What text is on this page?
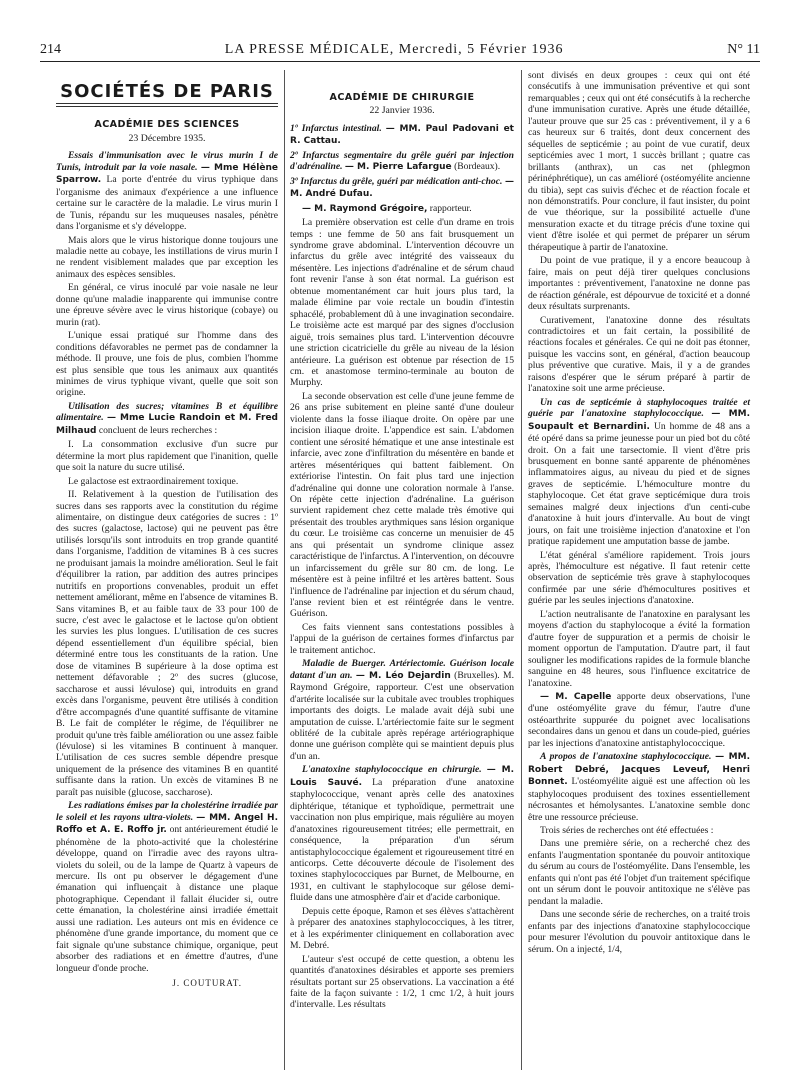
214	LA PRESSE MÉDICALE, Mercredi, 5 Février 1936	N° 11
SOCIÉTÉS DE PARIS
ACADÉMIE DES SCIENCES
23 Décembre 1935.

Essais d'immunisation avec le virus murin I de Tunis, introduit par la voie nasale. — Mme Hélène Sparrow. La porte d'entrée du virus typhique dans l'organisme des animaux d'expérience a une influence certaine sur le caractère de la maladie. Le virus murin I de Tunis, répandu sur les muqueuses nasales, pénètre dans l'organisme et s'y développe.

Mais alors que le virus historique donne toujours une maladie nette au cobaye, les instillations de virus murin I ne rendent visiblement malades que par exception les animaux des espèces sensibles.

En général, ce virus inoculé par voie nasale ne leur donne qu'une maladie inapparente qui immunise contre une épreuve sévère avec le virus historique (cobaye) ou murin (rat).

L'unique essai pratiqué sur l'homme dans des conditions défavorables ne permet pas de condamner la méthode. Il prouve, une fois de plus, combien l'homme est plus sensible que tous les animaux aux quantités minimes de virus typhique vivant, quelle que soit son origine.

Utilisation des sucres; vitamines B et équilibre alimentaire. — Mme Lucie Randoin et M. Fred Milhaud concluent de leurs recherches :

I. La consommation exclusive d'un sucre pur détermine la mort plus rapidement que l'inanition, quelle que soit la nature du sucre utilisé.

Le galactose est extraordinairement toxique.

II. Relativement à la question de l'utilisation des sucres dans ses rapports avec la constitution du régime alimentaire, on distingue deux catégories de sucres : 1º des sucres (galactose, lactose) qui ne peuvent pas être utilisés lorsqu'ils sont introduits en trop grande quantité dans l'organisme, l'addition de vitamines B à ces sucres ne produisant jamais la moindre amélioration. Seul le fait d'équilibrer la ration, par addition des autres principes nutritifs en proportions convenables, produit un effet nettement améliorant, même en l'absence de vitamines B. Sans vitamines B, et au faible taux de 33 pour 100 de sucre, c'est avec le galactose et le lactose qu'on obtient les survies les plus longues. L'utilisation de ces sucres dépend essentiellement d'un équilibre spécial, bien déterminé entre tous les constituants de la ration. Une dose de vitamines B supérieure à la dose optima est nettement défavorable ; 2º des sucres (glucose, saccharose et aussi lévulose) qui, introduits en grand excès dans l'organisme, peuvent être utilisés à condition d'être accompagnés d'une quantité suffisante de vitamine B. Le fait de compléter le régime, de l'équilibrer ne produit qu'une très faible amélioration ou une assez faible (lévulose) si les vitamines B continuent à manquer. L'utilisation de ces sucres semble dépendre presque uniquement de la présence des vitamines B en quantité suffisante dans la ration. Un excès de vitamines B ne paraît pas nuisible (glucose, saccharose).

Les radiations émises par la cholestérine irradiée par le soleil et les rayons ultra-violets. — MM. Angel H. Roffo et A. E. Roffo jr. ont antérieurement étudié le phénomène de la photo-activité que la cholestérine développe, quand on l'irradie avec des rayons ultra-violets du soleil, ou de la lampe de Quartz à vapeurs de mercure. Ils ont pu observer le dégagement d'une émanation qui influençait à distance une plaque photographique. Cependant il fallait élucider si, outre cette émanation, la cholestérine ainsi irradiée émettait aussi une radiation. Les auteurs ont mis en évidence ce phénomène d'une grande importance, du moment que ce fait signale qu'une substance chimique, organique, peut absorber des radiations et en émettre d'autres, d'une longueur d'onde proche.

J. COUTURAT.
ACADÉMIE DE CHIRURGIE
22 Janvier 1936.

1º Infarctus intestinal. — MM. Paul Padovani et R. Cattau.

2º Infarctus segmentaire du grêle guéri par injection d'adrénaline. — M. Pierre Lafargue (Bordeaux).

3º Infarctus du grêle, guéri par médication anti-choc. — M. André Dufau.

— M. Raymond Grégoire, rapporteur.

La première observation est celle d'un drame en trois temps : une femme de 50 ans fait brusquement un syndrome grave abdominal. L'intervention découvre un infarctus du grêle avec intégrité des vaisseaux du mésentère. Les injections d'adrénaline et de sérum chaud font revenir l'anse à son état normal. La guérison est obtenue momentanément car huit jours plus tard, la malade élimine par voie rectale un boudin d'intestin sphacélé, probablement dû à une invagination secondaire. Le troisième acte est marqué par des signes d'occlusion aiguë, trois semaines plus tard. L'intervention découvre une striction cicatricielle du grêle au niveau de la lésion antérieure. La guérison est obtenue par résection de 15 cm. et anastomose termino-terminale au bouton de Murphy.

La seconde observation est celle d'une jeune femme de 26 ans prise subitement en pleine santé d'une douleur violente dans la fosse iliaque droite. On opère par une incision iliaque droite. L'appendice est sain. L'abdomen contient une sérosité hématique et une anse intestinale est infarcie, avec zone d'infiltration du mésentère en bande et artères mésentériques qui battent faiblement. On extériorise l'intestin. On fait plus tard une injection d'adrénaline qui donne une coloration normale à l'anse. On répète cette injection d'adrénaline. La guérison survient rapidement chez cette malade très émotive qui présentait des troubles arythmiques sans lésion organique du cœur. Le troisième cas concerne un menuisier de 45 ans qui présentait un syndrome clinique assez caractéristique de l'infarctus. A l'intervention, on découvre un infarcissement du grêle sur 80 cm. de long. Le mésentère est à peine infiltré et les artères battent. Sous l'influence de l'adrénaline par injection et du sérum chaud, l'anse revient bien et est réintégrée dans le ventre. Guérison.

Ces faits viennent sans contestations possibles à l'appui de la guérison de certaines formes d'infarctus par le traitement antichoc.

Maladie de Buerger. Artériectomie. Guérison locale datant d'un an. — M. Léo Dejardin (Bruxelles). M. Raymond Grégoire, rapporteur. C'est une observation d'artérite localisée sur la cubitale avec troubles trophiques importants des doigts. Le malade avait déjà subi une amputation de cuisse. L'artériectomie faite sur le segment oblitéré de la cubitale après repérage artériographique donne une guérison complète qui se maintient depuis plus d'un an.

L'anatoxine staphylococcique en chirurgie. — M. Louis Sauvé. La préparation d'une anatoxine staphylococcique, venant après celle des anatoxines diphtérique, tétanique et typhoïdique, permettrait une vaccination non plus empirique, mais régulière au moyen d'anatoxines rigoureusement titrées; elle permettrait, en conséquence, la préparation d'un sérum antistaphylococcique également et rigoureusement titré en anticorps. Cette découverte découle de l'isolement des toxines staphylococciques par Burnet, de Melbourne, en 1931, en cultivant le staphylocoque sur gélose demi-fluide dans une atmosphère d'air et d'acide carbonique.

Depuis cette époque, Ramon et ses élèves s'attachèrent à préparer des anatoxines staphylococciques, à les titrer, et à les expérimenter cliniquement en collaboration avec M. Debré.

L'auteur s'est occupé de cette question, a obtenu les quantités d'anatoxines désirables et apporte ses premiers résultats portant sur 25 observations. La vaccination a été faite de la façon suivante : 1/2, 1 cmc 1/2, à huit jours d'intervalle. Les résultats

sont divisés en deux groupes : ceux qui ont été consécutifs à une immunisation préventive et qui sont remarquables ; ceux qui ont été consécutifs à la recherche d'une immunisation curative. Après une étude détaillée, l'auteur prouve que sur 25 cas : préventivement, il y a 6 cas heureux sur 6 traités, dont deux concernent des séquelles de septicémie ; au point de vue curatif, deux septicémies avec 1 mort, 1 succès brillant ; quatre cas brillants (anthrax), un cas net (phlegmon périnéphrétique), un cas amélioré (ostéomyélite ancienne du tibia), sept cas suivis d'échec et de réaction focale et non démonstratifs. Pour conclure, il faut insister, du point de vue théorique, sur la possibilité actuelle d'une mensuration exacte et du titrage précis d'une toxine qui vient d'être isolée et qui permet de préparer un sérum thérapeutique à partir de l'anatoxine.

Du point de vue pratique, il y a encore beaucoup à faire, mais on peut déjà tirer quelques conclusions importantes : préventivement, l'anatoxine ne donne pas de réaction générale, est dépourvue de toxicité et a donné deux résultats surprenants.

Curativement, l'anatoxine donne des résultats contradictoires et un fait certain, la possibilité de réactions focales et générales. Ce qui ne doit pas étonner, puisque les vaccins sont, en général, d'action beaucoup plus préventive que curative. Mais, il y a de grandes raisons d'espérer que le sérum préparé à partir de l'anatoxine soit une arme précieuse.

Un cas de septicémie à staphylocoques traitée et guérie par l'anatoxine staphylococcique. — MM. Soupault et Bernardini. Un homme de 48 ans a été opéré dans sa prime jeunesse pour un pied bot du côté droit. On a fait une tarsectomie. Il vient d'être pris brusquement en bonne santé apparente de phénomènes inflammatoires aigus, au niveau du pied et de signes graves de septicémie. L'hémoculture montre du staphylocoque. Cet état grave septicémique dura trois semaines malgré deux injections d'un centi-cube d'anatoxine à huit jours d'intervalle. Au bout de vingt jours, on fait une troisième injection d'anatoxine et l'on pratique rapidement une amputation basse de jambe.

L'état général s'améliore rapidement. Trois jours après, l'hémoculture est négative. Il faut retenir cette observation de septicémie très grave à staphylocoques confirmée par une série d'hémocultures positives et guérie par les seules injections d'anatoxine.

L'action neutralisante de l'anatoxine en paralysant les moyens d'action du staphylocoque a évité la formation d'autre foyer de suppuration et a permis de choisir le moment opportun de l'amputation. D'autre part, il faut souligner les modifications rapides de la formule blanche sanguine en 48 heures, sous l'influence excitatrice de l'anatoxine.

— M. Capelle apporte deux observations, l'une d'une ostéomyélite grave du fémur, l'autre d'une ostéoarthrite suppurée du poignet avec localisations secondaires dans un genou et dans un coude-pied, guéries par les injections d'anatoxine antistaphylococcique.

A propos de l'anatoxine staphylococcique. — MM. Robert Debré, Jacques Leveuf, Henri Bonnet. L'ostéomyélite aiguë est une affection où les staphylocoques produisent des toxines essentiellement nécrosantes et hémolysantes. L'anatoxine semble donc être une ressource précieuse.

Trois séries de recherches ont été effectuées :

Dans une première série, on a recherché chez des enfants l'augmentation spontanée du pouvoir antitoxique du sérum au cours de l'ostéomyélite. Dans l'ensemble, les enfants qui n'ont pas été l'objet d'un traitement spécifique ont un sérum dont le pouvoir antitoxique ne s'élève pas pendant la maladie.

Dans une seconde série de recherches, on a traité trois enfants par des injections d'anatoxine staphylococcique pour mesurer l'évolution du pouvoir antitoxique dans le sérum. On a injecté, 1/4,
